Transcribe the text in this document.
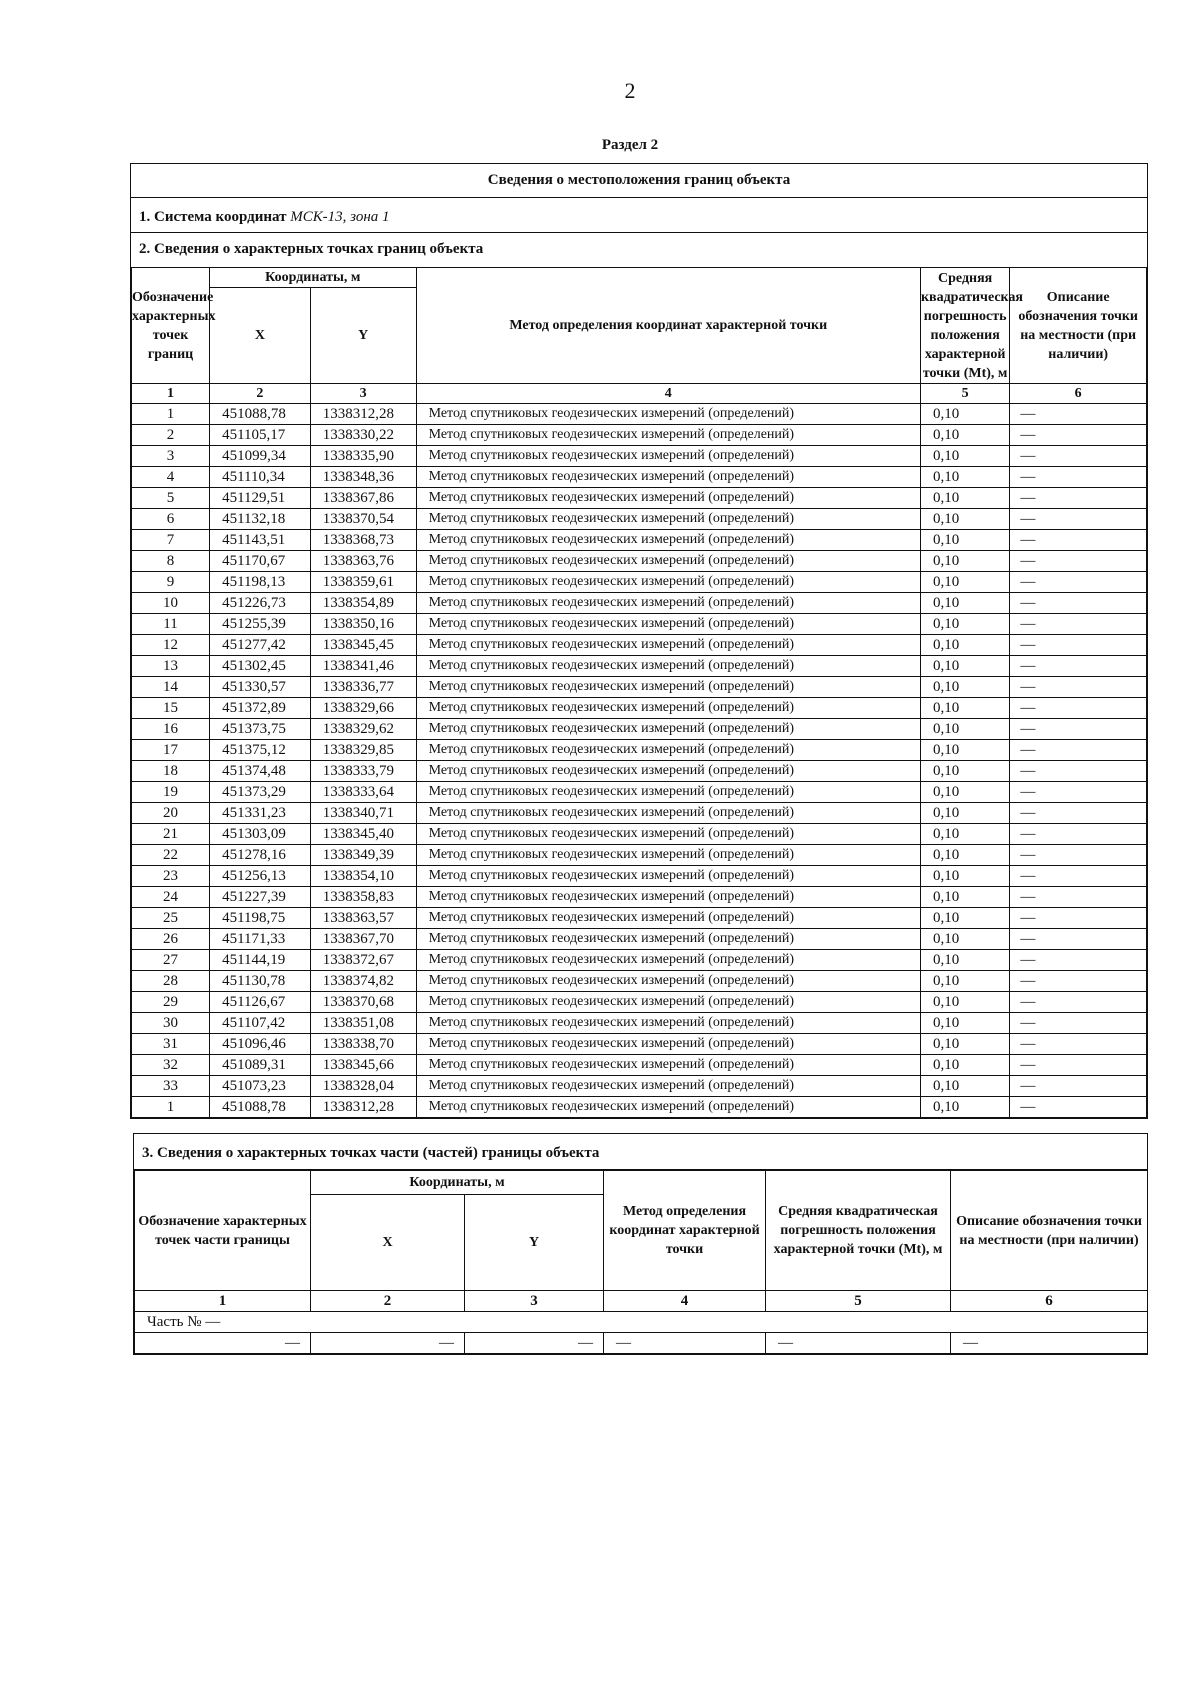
2
Раздел 2
Сведения о местоположения границ объекта
1. Система координат МСК-13, зона 1
2. Сведения о характерных точках границ объекта
Обозначение характерных точек границ	Координаты, м		Метод определения координат характерной точки	Средняя квадратическая погрешность положения характерной точки (Mt), м	Описание обозначения точки на местности (при наличии)
	X	Y			
1	2	3	4	5	6
1	451088,78	1338312,28	Метод спутниковых геодезических измерений (определений)	0,10	—
2	451105,17	1338330,22	Метод спутниковых геодезических измерений (определений)	0,10	—
3	451099,34	1338335,90	Метод спутниковых геодезических измерений (определений)	0,10	—
4	451110,34	1338348,36	Метод спутниковых геодезических измерений (определений)	0,10	—
5	451129,51	1338367,86	Метод спутниковых геодезических измерений (определений)	0,10	—
6	451132,18	1338370,54	Метод спутниковых геодезических измерений (определений)	0,10	—
7	451143,51	1338368,73	Метод спутниковых геодезических измерений (определений)	0,10	—
8	451170,67	1338363,76	Метод спутниковых геодезических измерений (определений)	0,10	—
9	451198,13	1338359,61	Метод спутниковых геодезических измерений (определений)	0,10	—
10	451226,73	1338354,89	Метод спутниковых геодезических измерений (определений)	0,10	—
11	451255,39	1338350,16	Метод спутниковых геодезических измерений (определений)	0,10	—
12	451277,42	1338345,45	Метод спутниковых геодезических измерений (определений)	0,10	—
13	451302,45	1338341,46	Метод спутниковых геодезических измерений (определений)	0,10	—
14	451330,57	1338336,77	Метод спутниковых геодезических измерений (определений)	0,10	—
15	451372,89	1338329,66	Метод спутниковых геодезических измерений (определений)	0,10	—
16	451373,75	1338329,62	Метод спутниковых геодезических измерений (определений)	0,10	—
17	451375,12	1338329,85	Метод спутниковых геодезических измерений (определений)	0,10	—
18	451374,48	1338333,79	Метод спутниковых геодезических измерений (определений)	0,10	—
19	451373,29	1338333,64	Метод спутниковых геодезических измерений (определений)	0,10	—
20	451331,23	1338340,71	Метод спутниковых геодезических измерений (определений)	0,10	—
21	451303,09	1338345,40	Метод спутниковых геодезических измерений (определений)	0,10	—
22	451278,16	1338349,39	Метод спутниковых геодезических измерений (определений)	0,10	—
23	451256,13	1338354,10	Метод спутниковых геодезических измерений (определений)	0,10	—
24	451227,39	1338358,83	Метод спутниковых геодезических измерений (определений)	0,10	—
25	451198,75	1338363,57	Метод спутниковых геодезических измерений (определений)	0,10	—
26	451171,33	1338367,70	Метод спутниковых геодезических измерений (определений)	0,10	—
27	451144,19	1338372,67	Метод спутниковых геодезических измерений (определений)	0,10	—
28	451130,78	1338374,82	Метод спутниковых геодезических измерений (определений)	0,10	—
29	451126,67	1338370,68	Метод спутниковых геодезических измерений (определений)	0,10	—
30	451107,42	1338351,08	Метод спутниковых геодезических измерений (определений)	0,10	—
31	451096,46	1338338,70	Метод спутниковых геодезических измерений (определений)	0,10	—
32	451089,31	1338345,66	Метод спутниковых геодезических измерений (определений)	0,10	—
33	451073,23	1338328,04	Метод спутниковых геодезических измерений (определений)	0,10	—
1	451088,78	1338312,28	Метод спутниковых геодезических измерений (определений)	0,10	—
3. Сведения о характерных точках части (частей) границы объекта
Обозначение характерных точек части границы	Координаты, м		Метод определения координат характерной точки	Средняя квадратическая погрешность положения характерной точки (Mt), м	Описание обозначения точки на местности (при наличии)
	X	Y			
1	2	3	4	5	6
Часть № —					
—	—	—	—	—	—
